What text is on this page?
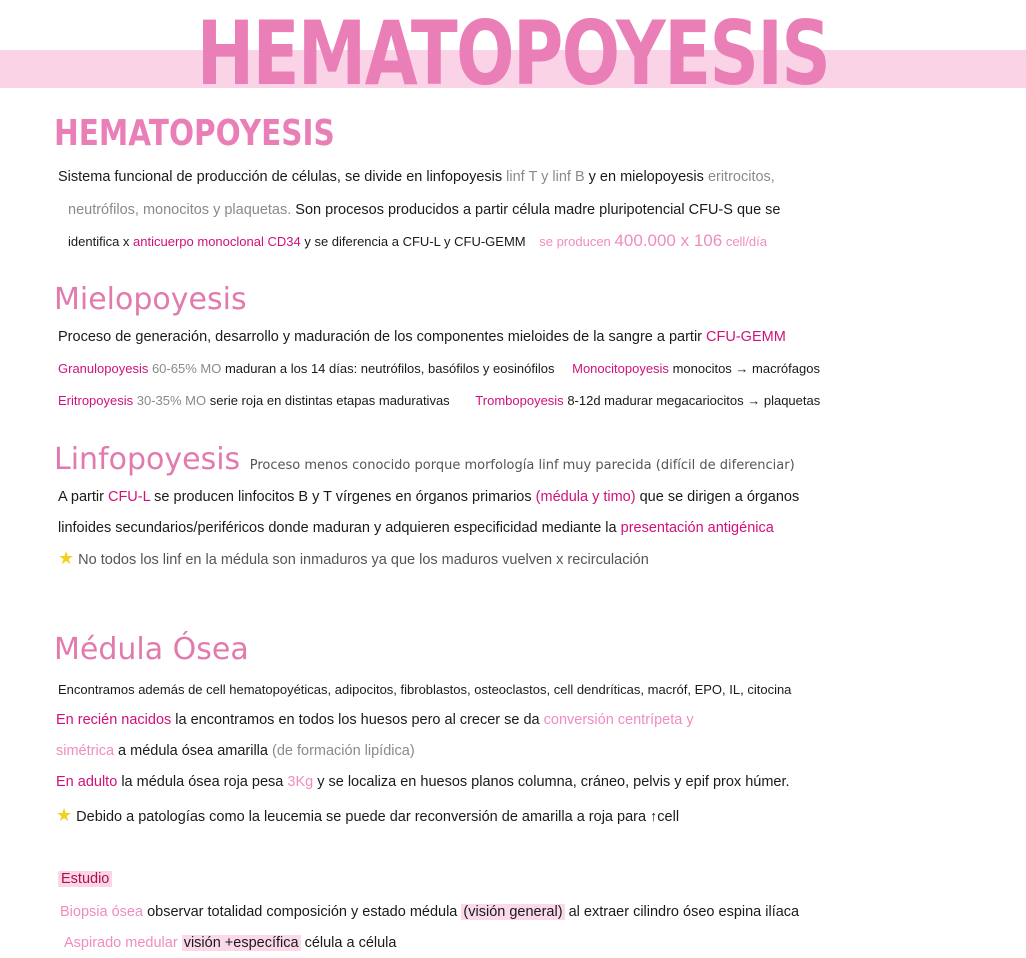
HEMATOPOYESIS
HEMATOPOYESIS
Sistema funcional de producción de células, se divide en linfopoyesis linf T y linf B y en mielopoyesis eritrocitos,
neutrófilos, monocitos y plaquetas. Son procesos producidos a partir célula madre pluripotencial CFU-S que se
identifica x anticuerpo monoclonal CD34 y se diferencia a CFU-L y CFU-GEMM se producen 400.000 x 106 cell/día
Mielopoyesis
Proceso de generación, desarrollo y maduración de los componentes mieloides de la sangre a partir CFU-GEMM
Granulopoyesis 60-65% MO maduran a los 14 días: neutrófilos, basófilos y eosinófilos Monocitopoyesis monocitos → macrófagos
Eritropoyesis 30-35% MO serie roja en distintas etapas madurativas Trombopoyesis 8-12d madurar megacariocitos → plaquetas
Linfopoyesis Proceso menos conocido porque morfología linf muy parecida (difícil de diferenciar)
A partir CFU-L se producen linfocitos B y T vírgenes en órganos primarios (médula y timo) que se dirigen a órganos
linfoides secundarios/periféricos donde maduran y adquieren especificidad mediante la presentación antigénica
★ No todos los linf en la médula son inmaduros ya que los maduros vuelven x recirculación
Médula Ósea
Encontramos además de cell hematopoyéticas, adipocitos, fibroblastos, osteoclastos, cell dendríticas, macróf, EPO, IL, citocina
En recién nacidos la encontramos en todos los huesos pero al crecer se da conversión centrípeta y
simétrica a médula ósea amarilla (de formación lipídica)
En adulto la médula ósea roja pesa 3Kg y se localiza en huesos planos columna, cráneo, pelvis y epif prox húmer.
★ Debido a patologías como la leucemia se puede dar reconversión de amarilla a roja para ↑cell
Estudio
Biopsia ósea observar totalidad composición y estado médula (visión general) al extraer cilindro óseo espina ilíaca
Aspirado medular visión +específica célula a célula
